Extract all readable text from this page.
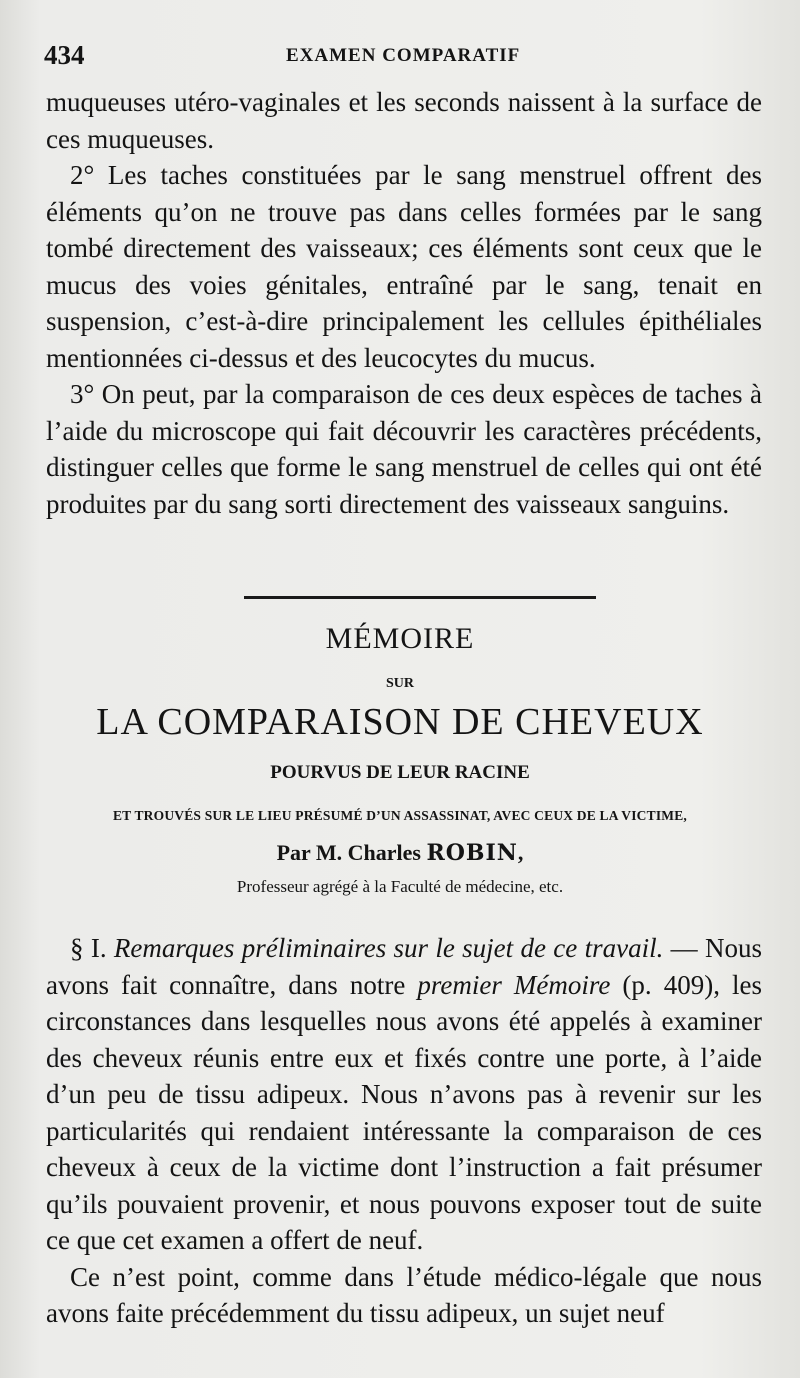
434	EXAMEN COMPARATIF

muqueuses utéro-vaginales et les seconds naissent à la surface de ces muqueuses.

2° Les taches constituées par le sang menstruel offrent des éléments qu’on ne trouve pas dans celles formées par le sang tombé directement des vaisseaux; ces éléments sont ceux que le mucus des voies génitales, entraîné par le sang, tenait en suspension, c’est-à-dire principalement les cellules épithéliales mentionnées ci-dessus et des leucocytes du mucus.

3° On peut, par la comparaison de ces deux espèces de taches à l’aide du microscope qui fait découvrir les caractères précédents, distinguer celles que forme le sang menstruel de celles qui ont été produites par du sang sorti directement des vaisseaux sanguins.

MÉMOIRE
SUR
LA COMPARAISON DE CHEVEUX
POURVUS DE LEUR RACINE
ET TROUVÉS SUR LE LIEU PRÉSUMÉ D’UN ASSASSINAT, AVEC CEUX DE LA VICTIME,
Par M. Charles ROBIN,
Professeur agrégé à la Faculté de médecine, etc.

§ I. Remarques préliminaires sur le sujet de ce travail. — Nous avons fait connaître, dans notre premier Mémoire (p. 409), les circonstances dans lesquelles nous avons été appelés à examiner des cheveux réunis entre eux et fixés contre une porte, à l’aide d’un peu de tissu adipeux. Nous n’avons pas à revenir sur les particularités qui rendaient intéressante la comparaison de ces cheveux à ceux de la victime dont l’instruction a fait présumer qu’ils pouvaient provenir, et nous pouvons exposer tout de suite ce que cet examen a offert de neuf.

Ce n’est point, comme dans l’étude médico-légale que nous avons faite précédemment du tissu adipeux, un sujet neuf
